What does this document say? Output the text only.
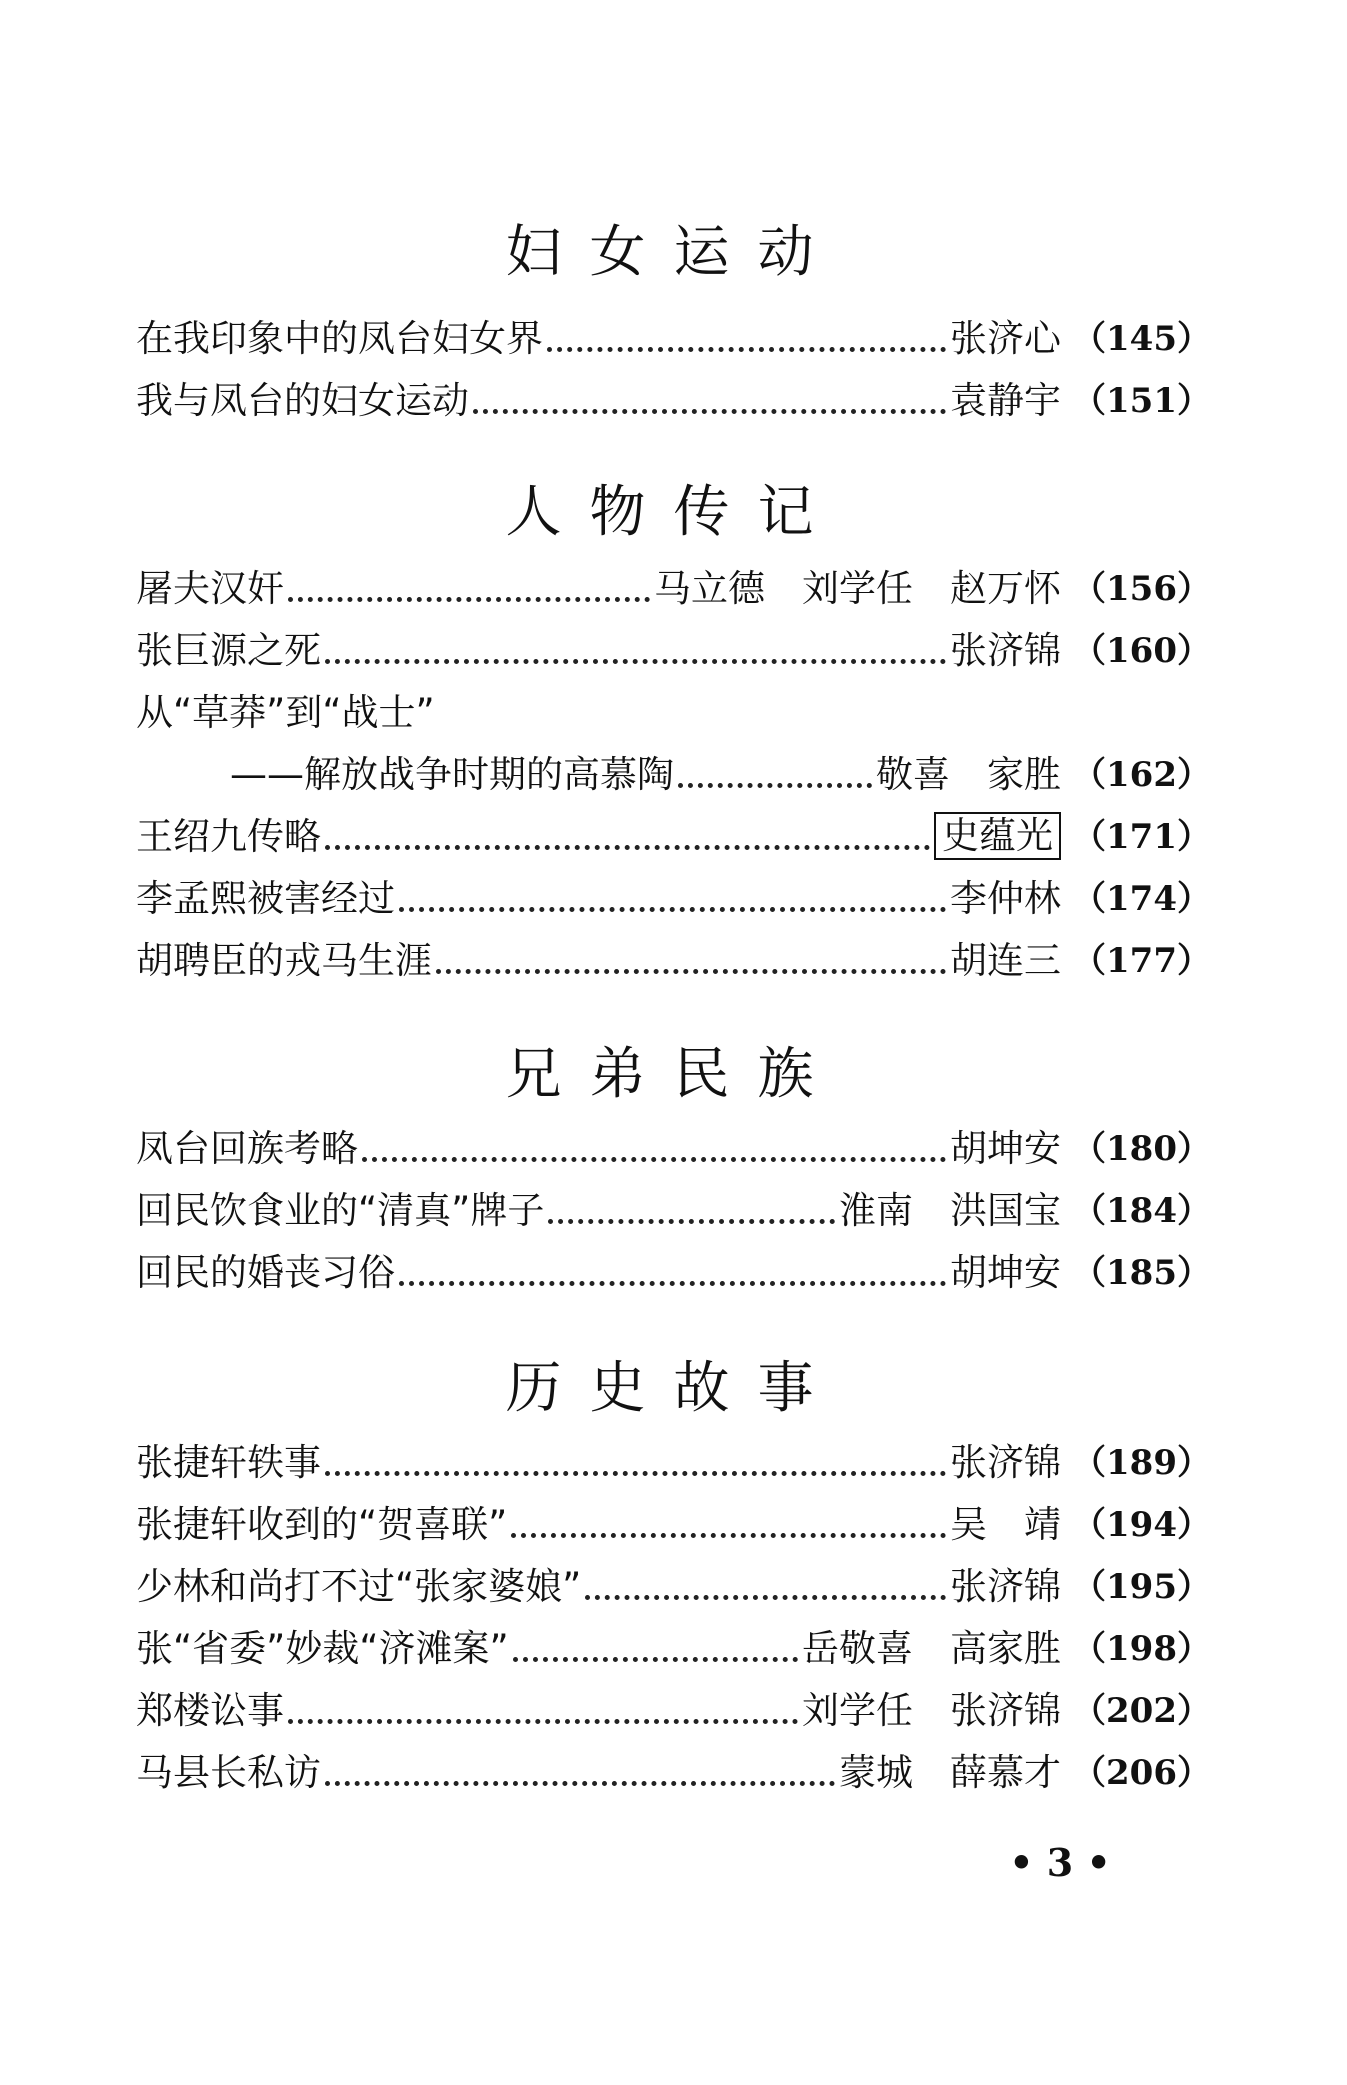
妇女运动
在我印象中的凤台妇女界	张济心 （145）
我与凤台的妇女运动	袁静宇 （151）
人物传记
屠夫汉奸	马立德　刘学任　赵万怀 （156）
张巨源之死	张济锦 （160）
从“草莽”到“战士”
——解放战争时期的高慕陶	敬喜　家胜 （162）
王绍九传略	史蕴光 （171）
李孟熙被害经过	李仲林 （174）
胡聘臣的戎马生涯	胡连三 （177）
兄弟民族
凤台回族考略	胡坤安 （180）
回民饮食业的“清真”牌子	淮南　洪国宝 （184）
回民的婚丧习俗	胡坤安 （185）
历史故事
张捷轩轶事	张济锦 （189）
张捷轩收到的“贺喜联”	吴　靖 （194）
少林和尚打不过“张家婆娘”	张济锦 （195）
张“省委”妙裁“济滩案”	岳敬喜　高家胜 （198）
郑楼讼事	刘学任　张济锦 （202）
马县长私访	蒙城　薛慕才 （206）
• 3 •
